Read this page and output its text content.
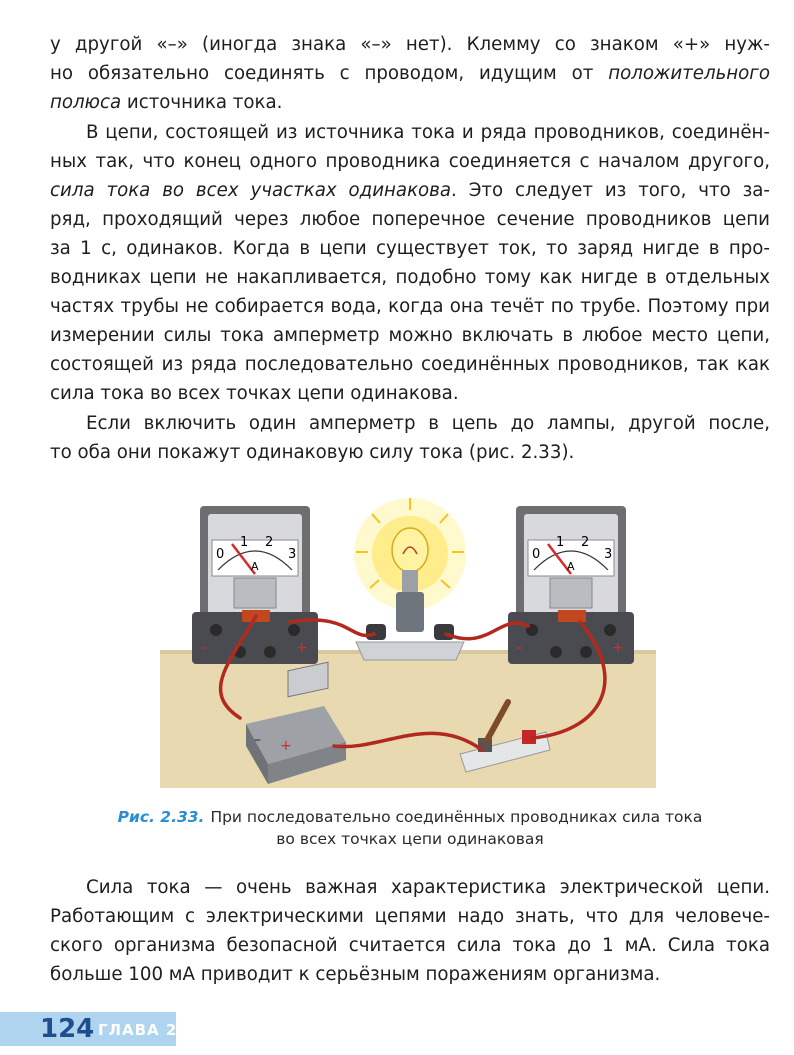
у другой «–» (иногда знака «–» нет). Клемму со знаком «+» нуж-
но обязательно соединять с проводом, идущим от положительного
полюса источника тока.
В цепи, состоящей из источника тока и ряда проводников, соединён-
ных так, что конец одного проводника соединяется с началом другого,
сила тока во всех участках одинакова. Это следует из того, что за-
ряд, проходящий через любое поперечное сечение проводников цепи
за 1 с, одинаков. Когда в цепи существует ток, то заряд нигде в про-
водниках цепи не накапливается, подобно тому как нигде в отдельных
частях трубы не собирается вода, когда она течёт по трубе. Поэтому при
измерении силы тока амперметр можно включать в любое место цепи,
состоящей из ряда последовательно соединённых проводников, так как
сила тока во всех точках цепи одинакова.
Если включить один амперметр в цепь до лампы, другой после,
то оба они покажут одинаковую силу тока (рис. 2.33).
0
1 2
3
A
–	+
0
1 2
3
A
–	+
– +
Рис. 2.33. При последовательно соединённых проводниках сила тока
во всех точках цепи одинаковая
Сила тока — очень важная характеристика электрической цепи.
Работающим с электрическими цепями надо знать, что для человече-
ского организма безопасной считается сила тока до 1 мА. Сила тока
больше 100 мА приводит к серьёзным поражениям организма.
124 ГЛАВА 2
